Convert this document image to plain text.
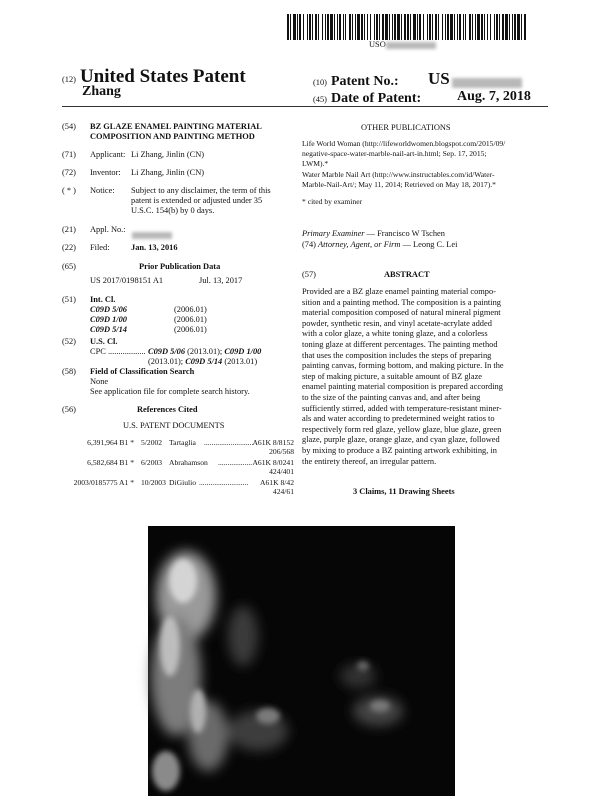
USO
(12) United States Patent
Zhang
(10) Patent No.: US
(45) Date of Patent:	Aug. 7, 2018
(54) BZ GLAZE ENAMEL PAINTING MATERIAL
COMPOSITION AND PAINTING METHOD
(71) Applicant: Li Zhang, Jinlin (CN)
(72) Inventor: Li Zhang, Jinlin (CN)
( * ) Notice: Subject to any disclaimer, the term of this
patent is extended or adjusted under 35
U.S.C. 154(b) by 0 days.
(21) Appl. No.:
(22) Filed:	Jan. 13, 2016
(65)	Prior Publication Data
US 2017/0198151 A1	Jul. 13, 2017
(51) Int. Cl.
C09D 5/06	(2006.01)
C09D 1/00	(2006.01)
C09D 5/14	(2006.01)
(52) U.S. Cl.
CPC .................. C09D 5/06 (2013.01); C09D 1/00
(2013.01); C09D 5/14 (2013.01)
(58) Field of Classification Search
None
See application file for complete search history.
(56)	References Cited
U.S. PATENT DOCUMENTS
6,391,964 B1 * 5/2002 Tartaglia .......................... A61K 8/8152
206/568
6,582,684 B1 * 6/2003 Abrahamson .................. A61K 8/0241
424/401
2003/0185775 A1 * 10/2003 DiGiulio ..........................	A61K 8/42
424/61
OTHER PUBLICATIONS
Life World Woman (http://lifeworldwomen.blogspot.com/2015/09/
negative-space-water-marble-nail-art-in.html; Sep. 17, 2015;
LWM).*
Water Marble Nail Art (http://www.instructables.com/id/Water-
Marble-Nail-Art/; May 11, 2014; Retrieved on May 18, 2017).*
* cited by examiner
Primary Examiner — Francisco W Tschen
(74) Attorney, Agent, or Firm — Leong C. Lei
(57)	ABSTRACT
Provided are a BZ glaze enamel painting material compo-
sition and a painting method. The composition is a painting
material composition composed of natural mineral pigment
powder, synthetic resin, and vinyl acetate-acrylate added
with a color glaze, a white toning glaze, and a colorless
toning glaze at different percentages. The painting method
that uses the composition includes the steps of preparing
painting canvas, forming bottom, and making picture. In the
step of making picture, a suitable amount of BZ glaze
enamel painting material composition is prepared according
to the size of the painting canvas and, and after being
sufficiently stirred, added with temperature-resistant miner-
als and water according to predetermined weight ratios to
respectively form red glaze, yellow glaze, blue glaze, green
glaze, purple glaze, orange glaze, and cyan glaze, followed
by mixing to produce a BZ painting artwork exhibiting, in
the entirety thereof, an irregular pattern.
3 Claims, 11 Drawing Sheets
